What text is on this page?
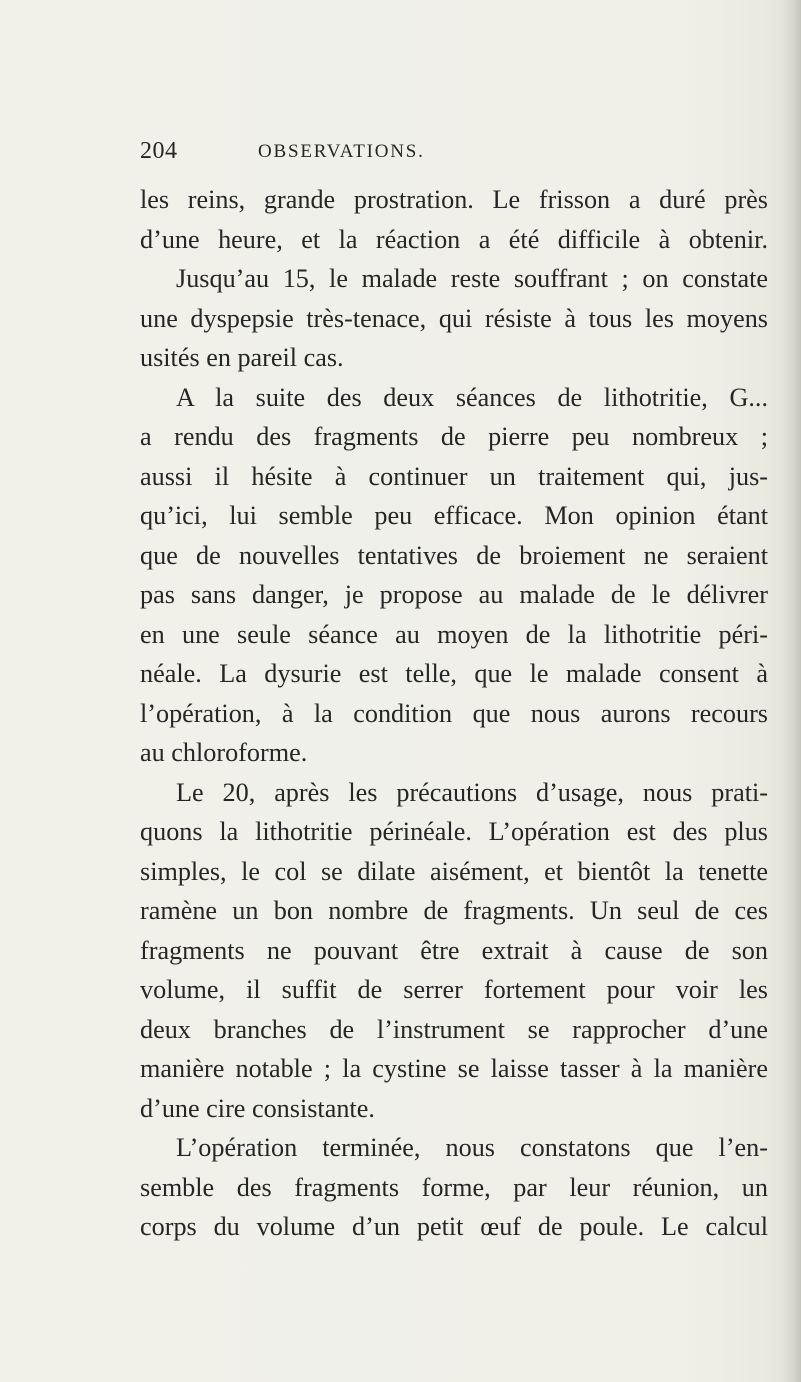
204	OBSERVATIONS.
les reins, grande prostration. Le frisson a duré près
d’une heure, et la réaction a été difficile à obtenir.
Jusqu’au 15, le malade reste souffrant ; on constate
une dyspepsie très-tenace, qui résiste à tous les moyens
usités en pareil cas.
A la suite des deux séances de lithotritie, G...
a rendu des fragments de pierre peu nombreux ;
aussi il hésite à continuer un traitement qui, jus-
qu’ici, lui semble peu efficace. Mon opinion étant
que de nouvelles tentatives de broiement ne seraient
pas sans danger, je propose au malade de le délivrer
en une seule séance au moyen de la lithotritie péri-
néale. La dysurie est telle, que le malade consent à
l’opération, à la condition que nous aurons recours
au chloroforme.
Le 20, après les précautions d’usage, nous prati-
quons la lithotritie périnéale. L’opération est des plus
simples, le col se dilate aisément, et bientôt la tenette
ramène un bon nombre de fragments. Un seul de ces
fragments ne pouvant être extrait à cause de son
volume, il suffit de serrer fortement pour voir les
deux branches de l’instrument se rapprocher d’une
manière notable ; la cystine se laisse tasser à la manière
d’une cire consistante.
L’opération terminée, nous constatons que l’en-
semble des fragments forme, par leur réunion, un
corps du volume d’un petit œuf de poule. Le calcul
